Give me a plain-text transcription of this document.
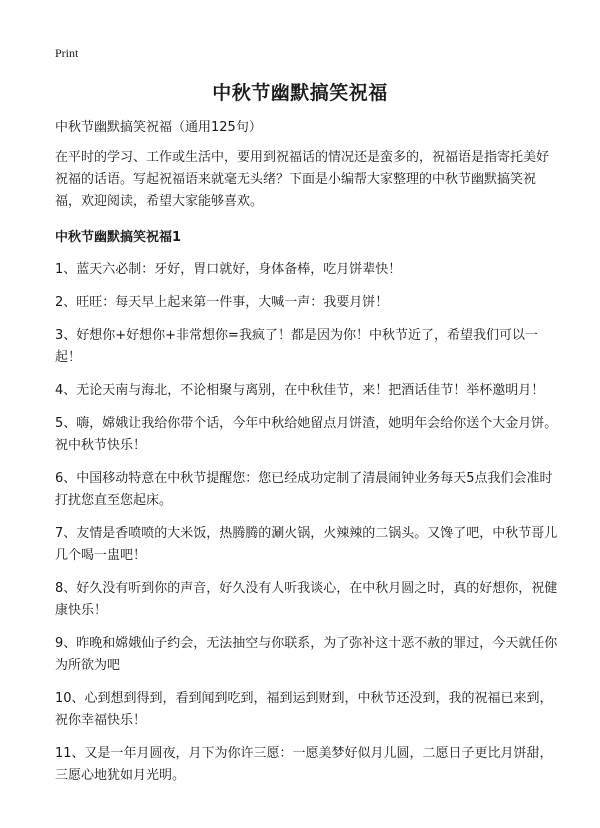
Print
中秋节幽默搞笑祝福

中秋节幽默搞笑祝福（通用125句）

在平时的学习、工作或生活中，要用到祝福话的情况还是蛮多的，祝福语是指寄托美好祝福的话语。写起祝福语来就毫无头绪？下面是小编帮大家整理的中秋节幽默搞笑祝福，欢迎阅读，希望大家能够喜欢。

中秋节幽默搞笑祝福1

1、蓝天六必制：牙好，胃口就好，身体备棒，吃月饼辈快！

2、旺旺：每天早上起来第一件事，大喊一声：我要月饼！

3、好想你+好想你+非常想你=我疯了！都是因为你！中秋节近了，希望我们可以一起！

4、无论天南与海北，不论相聚与离别，在中秋佳节，来！把酒话佳节！举杯邀明月！

5、嗨，嫦娥让我给你带个话，今年中秋给她留点月饼渣，她明年会给你送个大金月饼。祝中秋节快乐！

6、中国移动特意在中秋节提醒您：您已经成功定制了清晨闹钟业务每天5点我们会准时打扰您直至您起床。

7、友情是香喷喷的大米饭，热腾腾的涮火锅，火辣辣的二锅头。又馋了吧，中秋节哥儿几个喝一盅吧！

8、好久没有听到你的声音，好久没有人听我谈心，在中秋月圆之时，真的好想你，祝健康快乐！

9、昨晚和嫦娥仙子约会，无法抽空与你联系，为了弥补这十恶不赦的罪过，今天就任你为所欲为吧

10、心到想到得到，看到闻到吃到，福到运到财到，中秋节还没到，我的祝福已来到，祝你幸福快乐！

11、又是一年月圆夜，月下为你许三愿：一愿美梦好似月儿圆，二愿日子更比月饼甜，三愿心地犹如月光明。
